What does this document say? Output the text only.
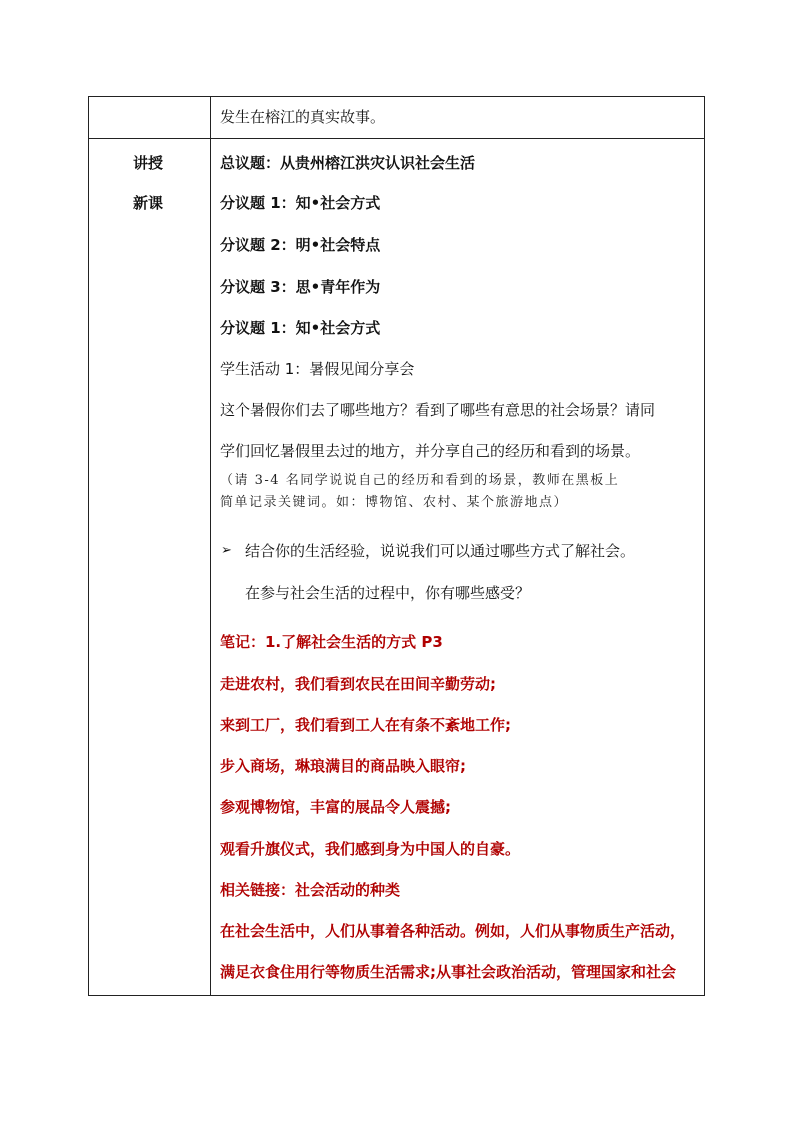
发生在榕江的真实故事。
讲授
新课
总议题：从贵州榕江洪灾认识社会生活
分议题 1：知•社会方式
分议题 2：明•社会特点
分议题 3：思•青年作为
分议题 1：知•社会方式
学生活动 1：暑假见闻分享会
这个暑假你们去了哪些地方？看到了哪些有意思的社会场景？请同
学们回忆暑假里去过的地方，并分享自己的经历和看到的场景。
（请 3-4 名同学说说自己的经历和看到的场景，教师在黑板上
简单记录关键词。如：博物馆、农村、某个旅游地点）
➢ 结合你的生活经验，说说我们可以通过哪些方式了解社会。
在参与社会生活的过程中，你有哪些感受？
笔记：1.了解社会生活的方式 P3
走进农村，我们看到农民在田间辛勤劳动;
来到工厂，我们看到工人在有条不紊地工作;
步入商场，琳琅满目的商品映入眼帘;
参观博物馆，丰富的展品令人震撼;
观看升旗仪式，我们感到身为中国人的自豪。
相关链接：社会活动的种类
在社会生活中，人们从事着各种活动。例如，人们从事物质生产活动，
满足衣食住用行等物质生活需求;从事社会政治活动，管理国家和社会
